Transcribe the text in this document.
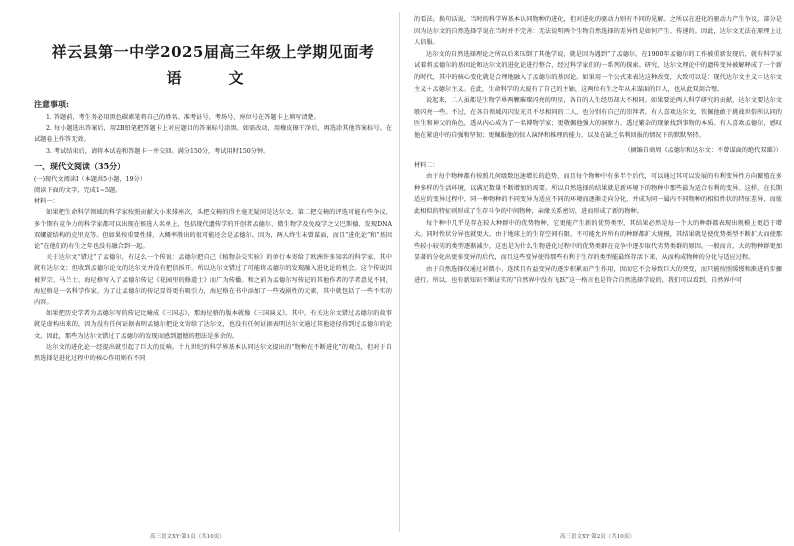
祥云县第一中学2025届高三年级上学期见面考

语　文

注意事项:

1. 答题前，考生务必用黑色碳素笔将自己的姓名、准考证号、考场号、座位号在答题卡上填写清楚。

2. 每小题选出答案后，用2B铅笔把答题卡上对应题目的答案标号涂黑。如需改动，用橡皮擦干净后，再选涂其他答案标号。在试题卷上作答无效。

3. 考试结束后，请将本试卷和答题卡一并交回。满分150分，考试用时150分钟。

一、现代文阅读（35分）

(一)现代文阅读Ⅰ（本题共5小题，19分）

阅读下面的文字，完成1~5题。

材料一：

如果把生命科学领域的科学家按照贡献大小来排座次，头把交椅的得主毫无疑问是达尔文。第二把交椅的评选可能有些争议，多个期有竞争力的科学家都可以出现在候选人名单上，包括现代遗传学的开创者孟德尔、微生物学及免疫学之父巴斯德、发现DNA双螺旋结构的克里克等。但如果按重要性排，大概率胜出的很可能还会是孟德尔。因为，两人终生未曾谋面，而且“进化论”和“基因论”在他们的有生之年也没有融合到一起。

关于达尔文“错过”了孟德尔，有这么一个传说：孟德尔把自己《植物杂交实验》的单行本寄给了欧洲许多知名的科学家，其中就有达尔文；但收到孟德尔论文的达尔文并没有把信拆开，所以达尔文错过了可能将孟德尔的发现融入进化论的机会。这个传说因被罗宗、马兰士、海尼格写入了孟德尔传记《花园里的修道士》而广为传播。和之前为孟德尔写传记的其他作者的学者意见不同，海尼格是一名科学作家，为了让孟德尔的传记显得更有吸引力，海尼格在书中添加了一些戏剧性的元素，其中就包括了一些不实的内容。

如果把历史学者为孟德尔写的传记比喻成《三国志》，那海尼格的版本就像《三国演义》。其中，有关达尔文错过孟德尔的故事就是虚构出来的，因为没有任何证据表明孟德尔把论文寄给了达尔文，也没有任何证据表明达尔文通过其他途径得到过孟德尔的论文。因此，那些为达尔文错过了孟德尔的发现而感到遗憾的想法是多余的。

达尔文的进化论一经提出就引起了巨大的反响。十九世纪的科学界基本认同达尔文提出的“物种在不断进化”的观点，但对于自然选择是进化过程中的核心作用则有不同

的看法。换句话说，当时的科学界基本认同物种的进化，但对进化的驱动力则有不同的见解。之所以在进化的驱动力产生争议，部分是因为达尔文的自然选择学说在当时并不完善：无法说明两个生物自然选择的差异性是如何产生、传递的。因此，达尔文无法在原理上让人信服。

达尔文的自然选择理论之所以后来压倒了其他学说，就是因为遇到“了孟德尔。在1900年孟德尔的工作被重新发现后，就有科学家试着将孟德尔的基因论和达尔文的进化论进行整合，经过科学家们的一系列的探索。研究，达尔文理论中的遗传变异被解释成了一个新的时代，其中的核心变化就是合理地融入了孟德尔的基因论。如果用一个公式来表达这种改变，大致可以是：现代达尔文主义＝达尔文主义＋孟德尔主义。在此，生命科学的大厦有了自己的主轴，这两位有生之年从未谋面的巨人，也从此双剑合璧。

说起来，二人虽都是生物学界两颗璀璨闪亮的明星，各自的人生经历却大不相同。如果要论两人科学研究的贡献，达尔文要达尔文般闪亮一些。不过，在各自领域闪闪发光且不尽相同的二人，也分别有自己的崇拜者。有人喜欢达尔文，钦佩他敢于挑战世俗所认同的医生和神父的角色，透从内心成为了一名博物学家；更敬佩他强大的洞察力、透过繁杂的现象找到事物的本质。有人喜欢孟德尔，感叹他在紧迫中的自强和坚韧；更佩服他的惊人演绎和推理的能力，以及在缺乏名利回报的情况下的默默坚持。

（摘编自商周《孟德尔和达尔文：不曾谋面的绝代双雄》）

材料二：

由于每个物种都有按照几何级数迅速增长的趋势，而且每个物种中有多半个后代，可以通过其可以发展的有利变异性方向繁殖在多种多样的生活环境，以满足数量不断增加的需要。所以自然选择的结果就是新环境下的物种中那些最为适合有利的变异。这样，在长期适应的变异过程中，同一种物种的不同变异为适应不同的环境而逐渐走向分化，并成为同一属内不同物种的相似性状的特征差异，而彼此相似的特征则形成了生存斗争的中间物种，亲缘关系密切，进而形成了新的物种。

每个种中几乎是存在较大种群中的优势物种，它更能产生新的优势类型，其结果必然是每一个大的种群都表现出规模上更趋于增大。同时性状分异也就更大。由于地球上的生存空间有限，不可能允许所有的种群都扩大规模，其结果就是使优势类型不断扩大而使那些较小较劣的类型逐渐减少，这也是为什么生物进化过程中的优势类群在竞争中逐步取代劣势类群的原因。一般而言，大的物种群更加显著的分化出更多变异的后代，而且这些变异使得那些有利于生存的类型能最终存活下来，从而构成物种的分化与适应过程。

由于自然选择仅通过对微小、连续且有益变异的逐步积累而产生作用，因而它不会导致巨大的突变，而只能按照缓慢和渐进的步骤进行。所以，也有新知识不断证实的“自然界中没有飞跃”这一格言也是符合自然选择学说的。我们可以看到，自然界中可

高三语文XY·第1页（共10页）	高三语文XY·第2页（共10页）
